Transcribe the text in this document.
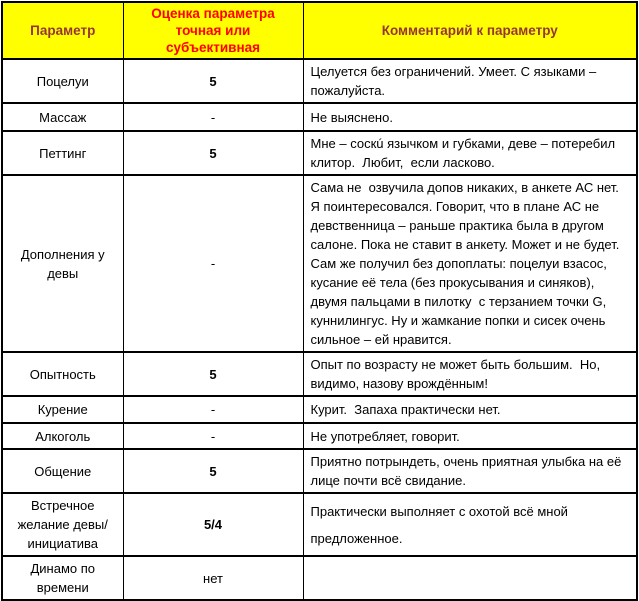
Параметр	Оценка параметра точная или субъективная	Комментарий к параметру
Поцелуи	5	Целуется без ограничений. Умеет. С языками – пожалуйста.
Массаж	-	Не выяснено.
Петтинг	5	Мне – соскú язычком и губками, деве – потеребил клитор.  Любит,  если ласково.
Дополнения у девы	-	Сама не  озвучила допов никаких, в анкете АС нет. Я поинтересовался. Говорит, что в плане АС не девственница – раньше практика была в другом салоне. Пока не ставит в анкету. Может и не будет. Сам же получил без допоплаты: поцелуи взасос, кусание её тела (без прокусывания и синяков), двумя пальцами в пилотку  с терзанием точки G, куннилингус. Ну и жамкание попки и сисек очень сильное – ей нравится.
Опытность	5	Опыт по возрасту не может быть большим.  Но, видимо, назову врождённым!
Курение	-	Курит.  Запаха практически нет.
Алкоголь	-	Не употребляет, говорит.
Общение	5	Приятно потрындеть, очень приятная улыбка на её лице почти всё свидание.
Встречное желание девы/ инициатива	5/4	Практически выполняет с охотой всё мной предложенное.
Динамо по времени	нет	
